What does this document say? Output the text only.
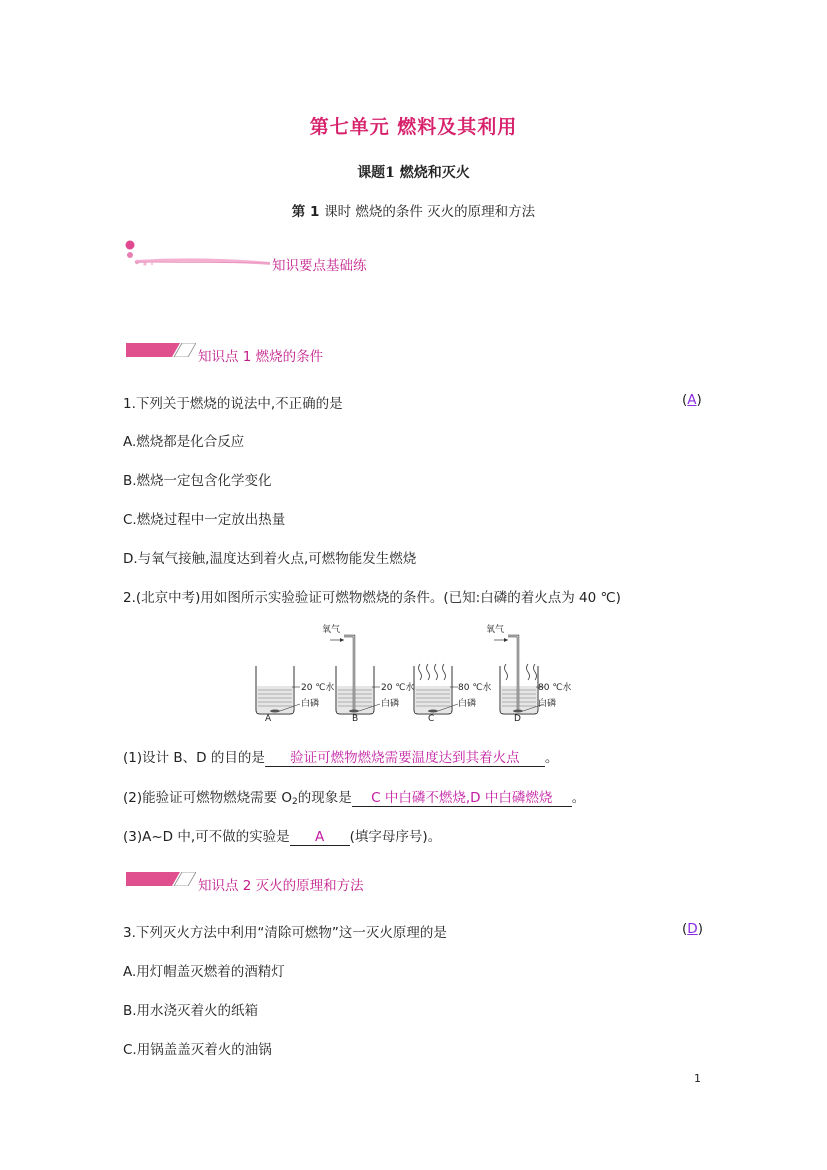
第七单元 燃料及其利用
课题1 燃烧和灭火
第 1 课时 燃烧的条件 灭火的原理和方法
知识要点基础练
知识点 1 燃烧的条件
1.下列关于燃烧的说法中,不正确的是	(A)
A.燃烧都是化合反应
B.燃烧一定包含化学变化
C.燃烧过程中一定放出热量
D.与氧气接触,温度达到着火点,可燃物能发生燃烧
2.(北京中考)用如图所示实验验证可燃物燃烧的条件。(已知:白磷的着火点为 40 ℃)
20 ℃水
白磷
A
氧气
20 ℃水
白磷
B
80 ℃水
白磷
C
氧气
80 ℃水
白磷
D
(1)设计 B、D 的目的是 验证可燃物燃烧需要温度达到其着火点 。
(2)能验证可燃物燃烧需要 $O_2$的现象是 C 中白磷不燃烧,D 中白磷燃烧 。
(3)A~D 中,可不做的实验是 A (填字母序号)。
知识点 2 灭火的原理和方法
3.下列灭火方法中利用“清除可燃物”这一灭火原理的是	(D)
A.用灯帽盖灭燃着的酒精灯
B.用水浇灭着火的纸箱
C.用锅盖盖灭着火的油锅
1
